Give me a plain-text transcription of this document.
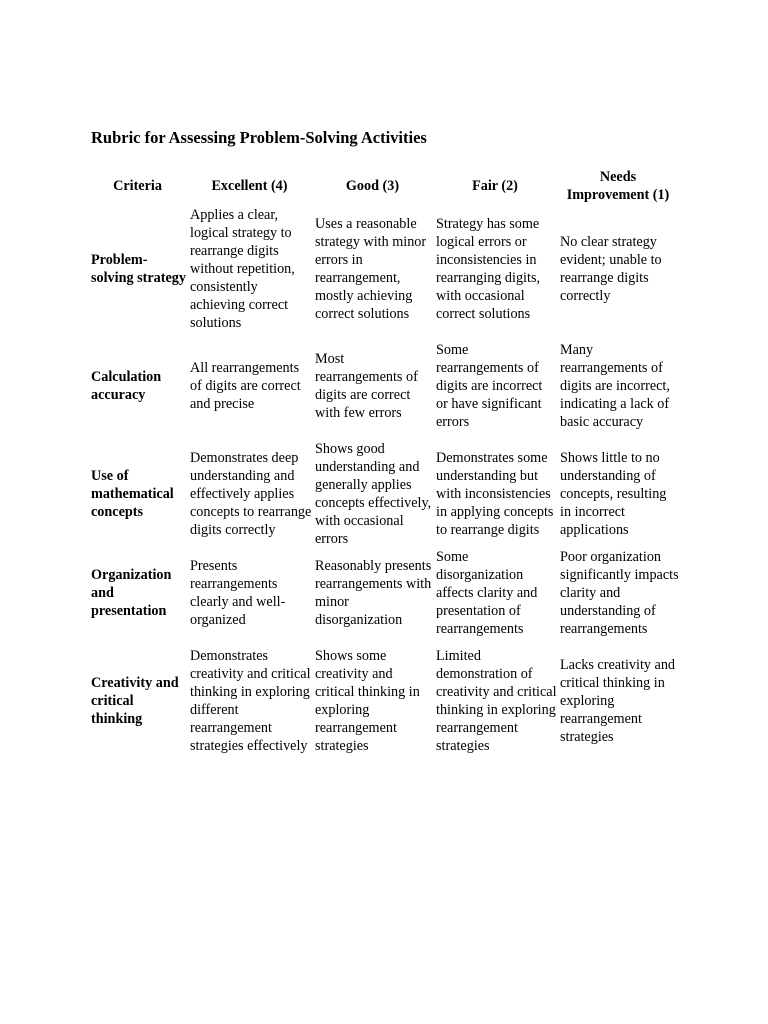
Rubric for Assessing Problem-Solving Activities
Criteria	Excellent (4)	Good (3)	Fair (2)	Needs Improvement (1)
Problem-solving strategy	Applies a clear, logical strategy to rearrange digits without repetition, consistently achieving correct solutions	Uses a reasonable strategy with minor errors in rearrangement, mostly achieving correct solutions	Strategy has some logical errors or inconsistencies in rearranging digits, with occasional correct solutions	No clear strategy evident; unable to rearrange digits correctly
Calculation accuracy	All rearrangements of digits are correct and precise	Most rearrangements of digits are correct with few errors	Some rearrangements of digits are incorrect or have significant errors	Many rearrangements of digits are incorrect, indicating a lack of basic accuracy
Use of mathematical concepts	Demonstrates deep understanding and effectively applies concepts to rearrange digits correctly	Shows good understanding and generally applies concepts effectively, with occasional errors	Demonstrates some understanding but with inconsistencies in applying concepts to rearrange digits	Shows little to no understanding of concepts, resulting in incorrect applications
Organization and presentation	Presents rearrangements clearly and well-organized	Reasonably presents rearrangements with minor disorganization	Some disorganization affects clarity and presentation of rearrangements	Poor organization significantly impacts clarity and understanding of rearrangements
Creativity and critical thinking	Demonstrates creativity and critical thinking in exploring different rearrangement strategies effectively	Shows some creativity and critical thinking in exploring rearrangement strategies	Limited demonstration of creativity and critical thinking in exploring rearrangement strategies	Lacks creativity and critical thinking in exploring rearrangement strategies
